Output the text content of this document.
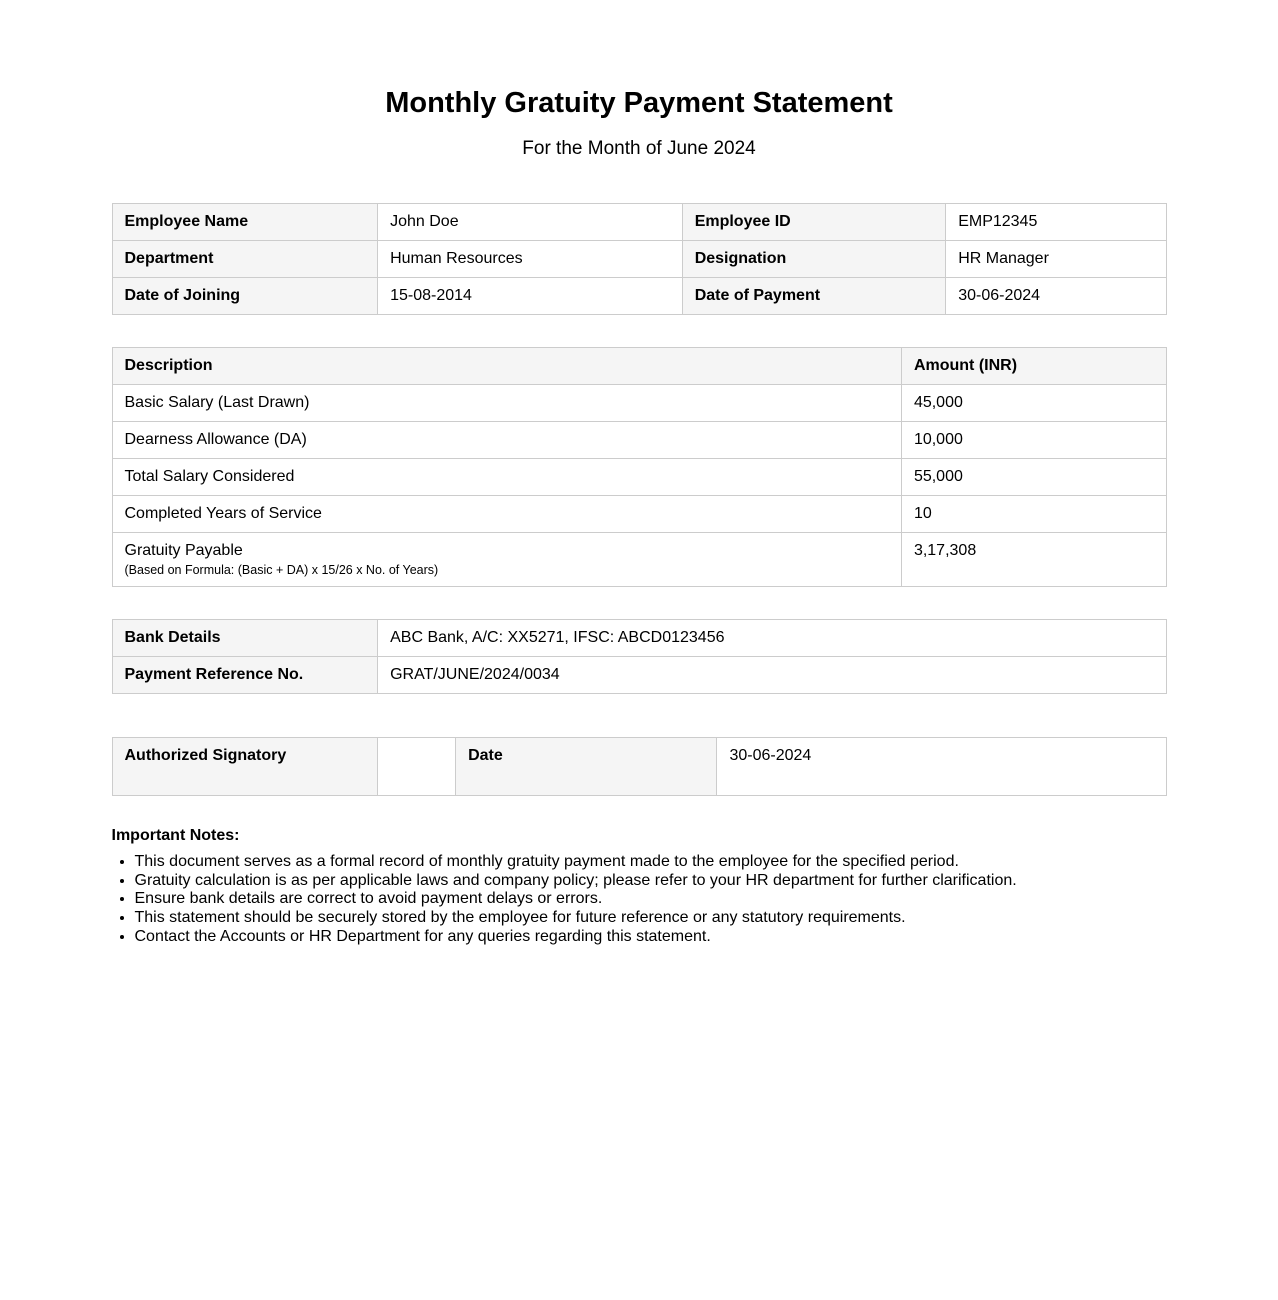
Monthly Gratuity Payment Statement

For the Month of June 2024

Employee Name	John Doe	Employee ID	EMP12345
Department	Human Resources	Designation	HR Manager
Date of Joining	15-08-2014	Date of Payment	30-06-2024
Description	Amount (INR)
Basic Salary (Last Drawn)	45,000
Dearness Allowance (DA)	10,000
Total Salary Considered	55,000
Completed Years of Service	10
Gratuity Payable
(Based on Formula: (Basic + DA) x 15/26 x No. of Years)	3,17,308
Bank Details	ABC Bank, A/C: XX5271, IFSC: ABCD0123456
Payment Reference No.	GRAT/JUNE/2024/0034
Authorized Signatory		Date	30-06-2024

Important Notes:

• This document serves as a formal record of monthly gratuity payment made to the employee for the specified period.
• Gratuity calculation is as per applicable laws and company policy; please refer to your HR department for further clarification.
• Ensure bank details are correct to avoid payment delays or errors.
• This statement should be securely stored by the employee for future reference or any statutory requirements.
• Contact the Accounts or HR Department for any queries regarding this statement.
